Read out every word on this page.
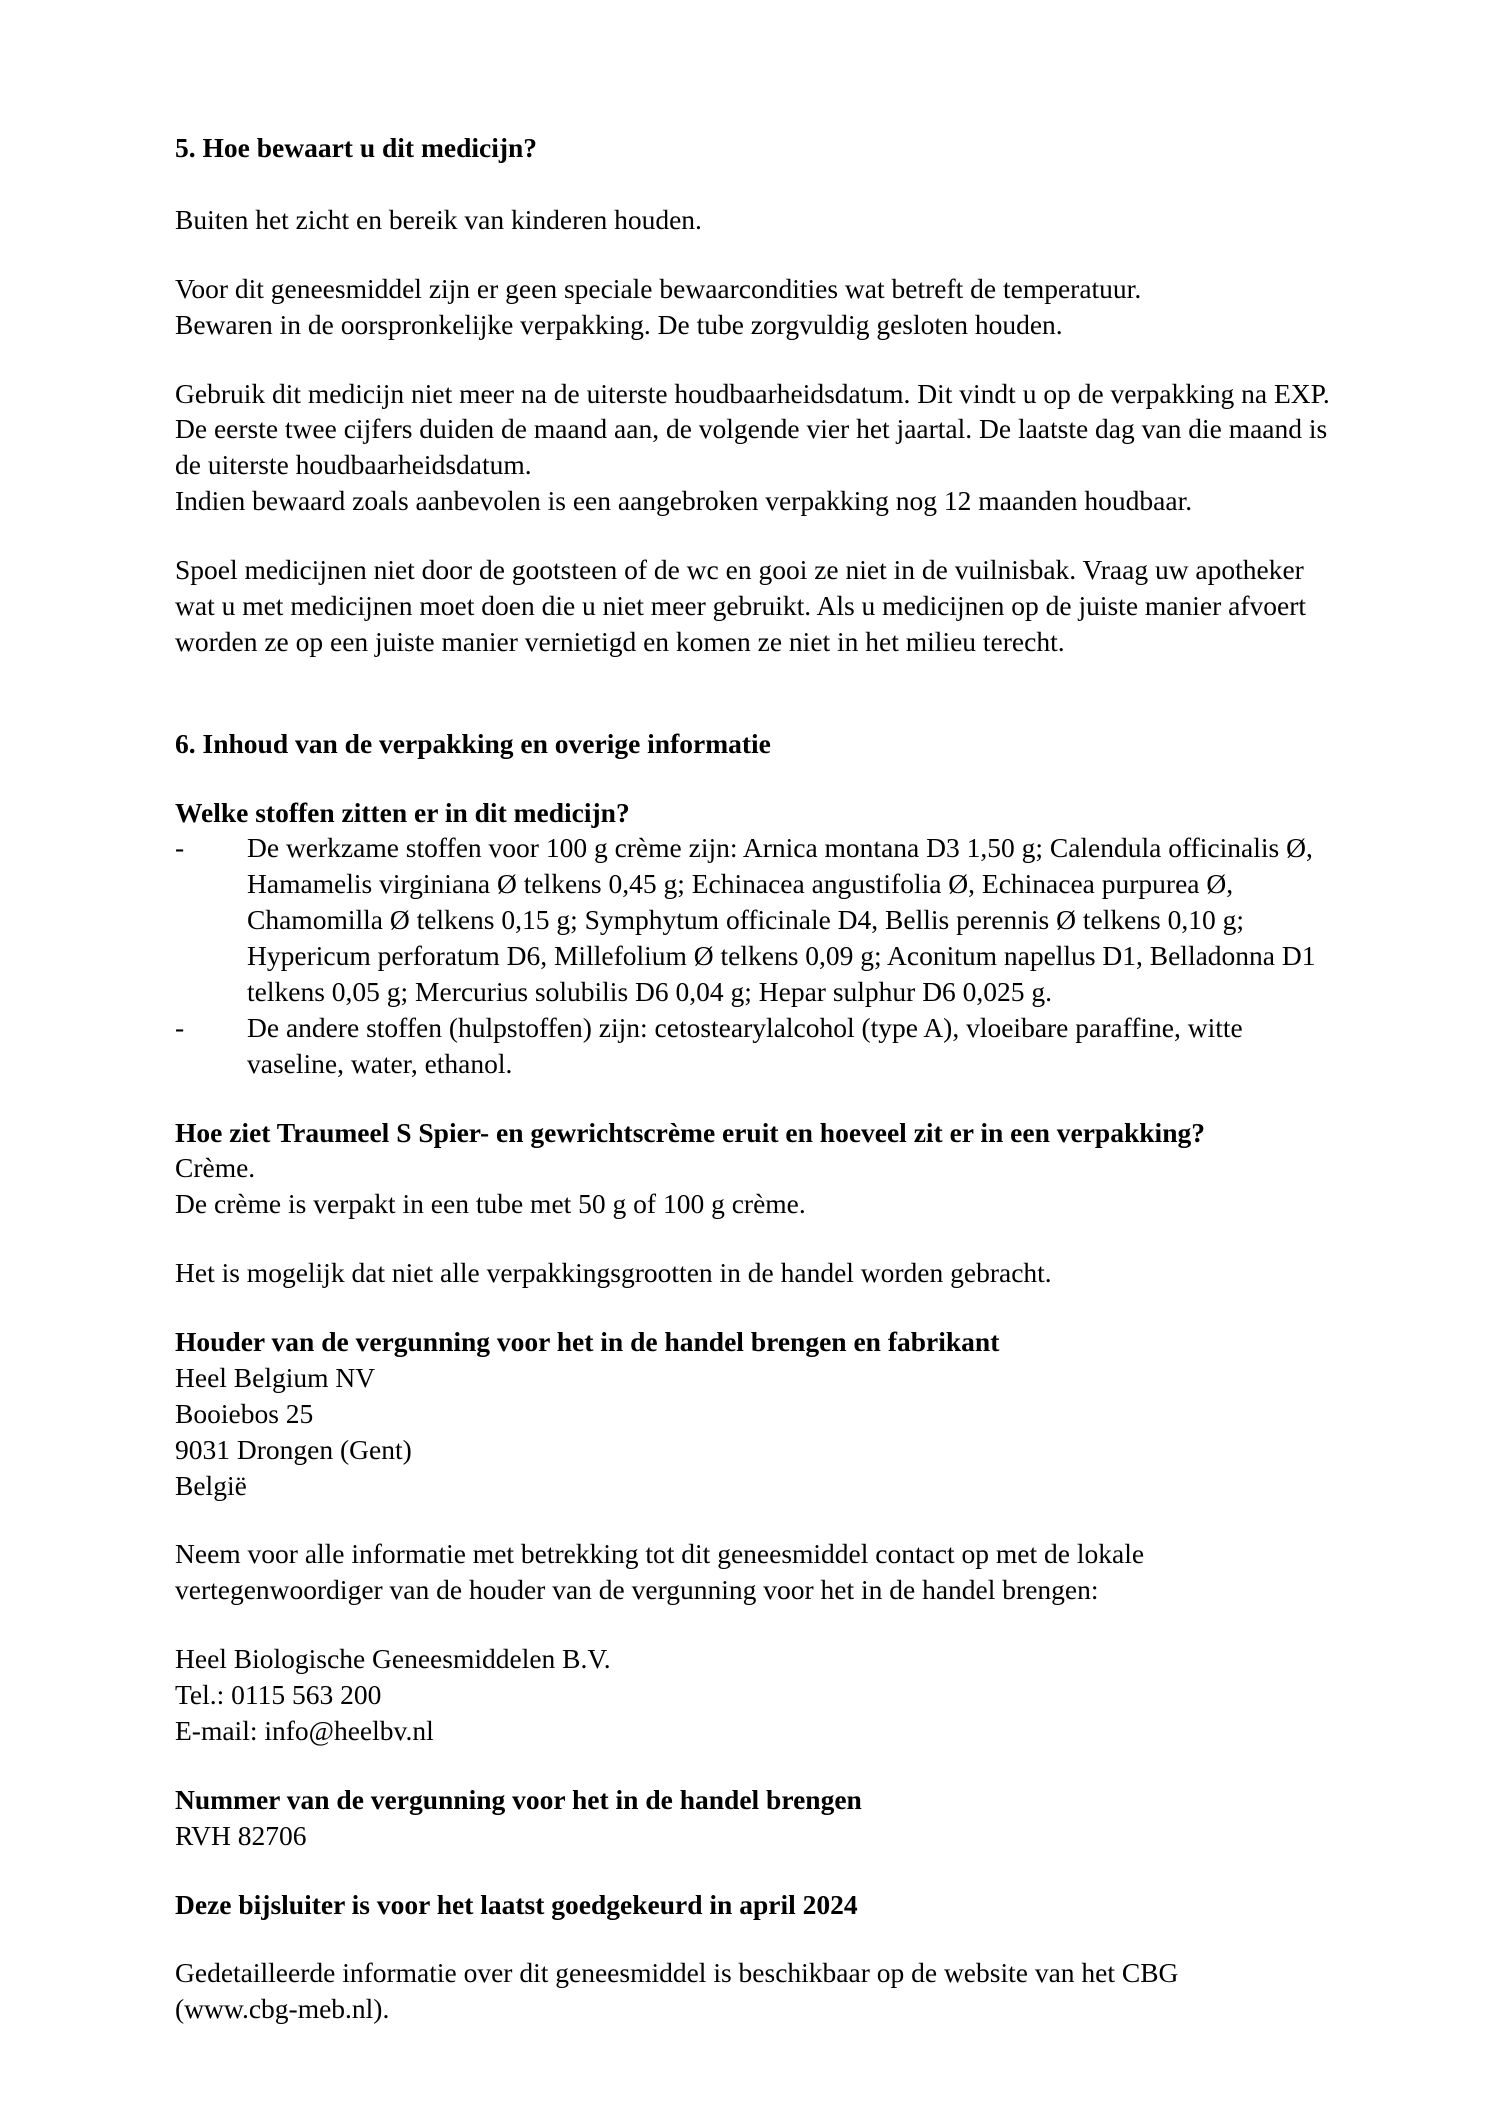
5. Hoe bewaart u dit medicijn?

Buiten het zicht en bereik van kinderen houden.

Voor dit geneesmiddel zijn er geen speciale bewaarcondities wat betreft de temperatuur.

Bewaren in de oorspronkelijke verpakking. De tube zorgvuldig gesloten houden.

Gebruik dit medicijn niet meer na de uiterste houdbaarheidsdatum. Dit vindt u op de verpakking na EXP. De eerste twee cijfers duiden de maand aan, de volgende vier het jaartal. De laatste dag van die maand is de uiterste houdbaarheidsdatum.

Indien bewaard zoals aanbevolen is een aangebroken verpakking nog 12 maanden houdbaar.

Spoel medicijnen niet door de gootsteen of de wc en gooi ze niet in de vuilnisbak. Vraag uw apotheker wat u met medicijnen moet doen die u niet meer gebruikt. Als u medicijnen op de juiste manier afvoert worden ze op een juiste manier vernietigd en komen ze niet in het milieu terecht.

6. Inhoud van de verpakking en overige informatie
Welke stoffen zitten er in dit medicijn?
-	De werkzame stoffen voor 100 g crème zijn: Arnica montana D3 1,50 g; Calendula officinalis Ø, Hamamelis virginiana Ø telkens 0,45 g; Echinacea angustifolia Ø, Echinacea purpurea Ø, Chamomilla Ø telkens 0,15 g; Symphytum officinale D4, Bellis perennis Ø telkens 0,10 g; Hypericum perforatum D6, Millefolium Ø telkens 0,09 g; Aconitum napellus D1, Belladonna D1 telkens 0,05 g; Mercurius solubilis D6 0,04 g; Hepar sulphur D6 0,025 g.
-	De andere stoffen (hulpstoffen) zijn: cetostearylalcohol (type A), vloeibare paraffine, witte vaseline, water, ethanol.
Hoe ziet Traumeel S Spier- en gewrichtscrème eruit en hoeveel zit er in een verpakking?

Crème.

De crème is verpakt in een tube met 50 g of 100 g crème.

Het is mogelijk dat niet alle verpakkingsgrootten in de handel worden gebracht.

Houder van de vergunning voor het in de handel brengen en fabrikant

Heel Belgium NV

Booiebos 25

9031 Drongen (Gent)

België

Neem voor alle informatie met betrekking tot dit geneesmiddel contact op met de lokale vertegenwoordiger van de houder van de vergunning voor het in de handel brengen:

Heel Biologische Geneesmiddelen B.V.

Tel.: 0115 563 200

E-mail: info@heelbv.nl

Nummer van de vergunning voor het in de handel brengen

RVH 82706

Deze bijsluiter is voor het laatst goedgekeurd in april 2024

Gedetailleerde informatie over dit geneesmiddel is beschikbaar op de website van het CBG

(www.cbg-meb.nl).
